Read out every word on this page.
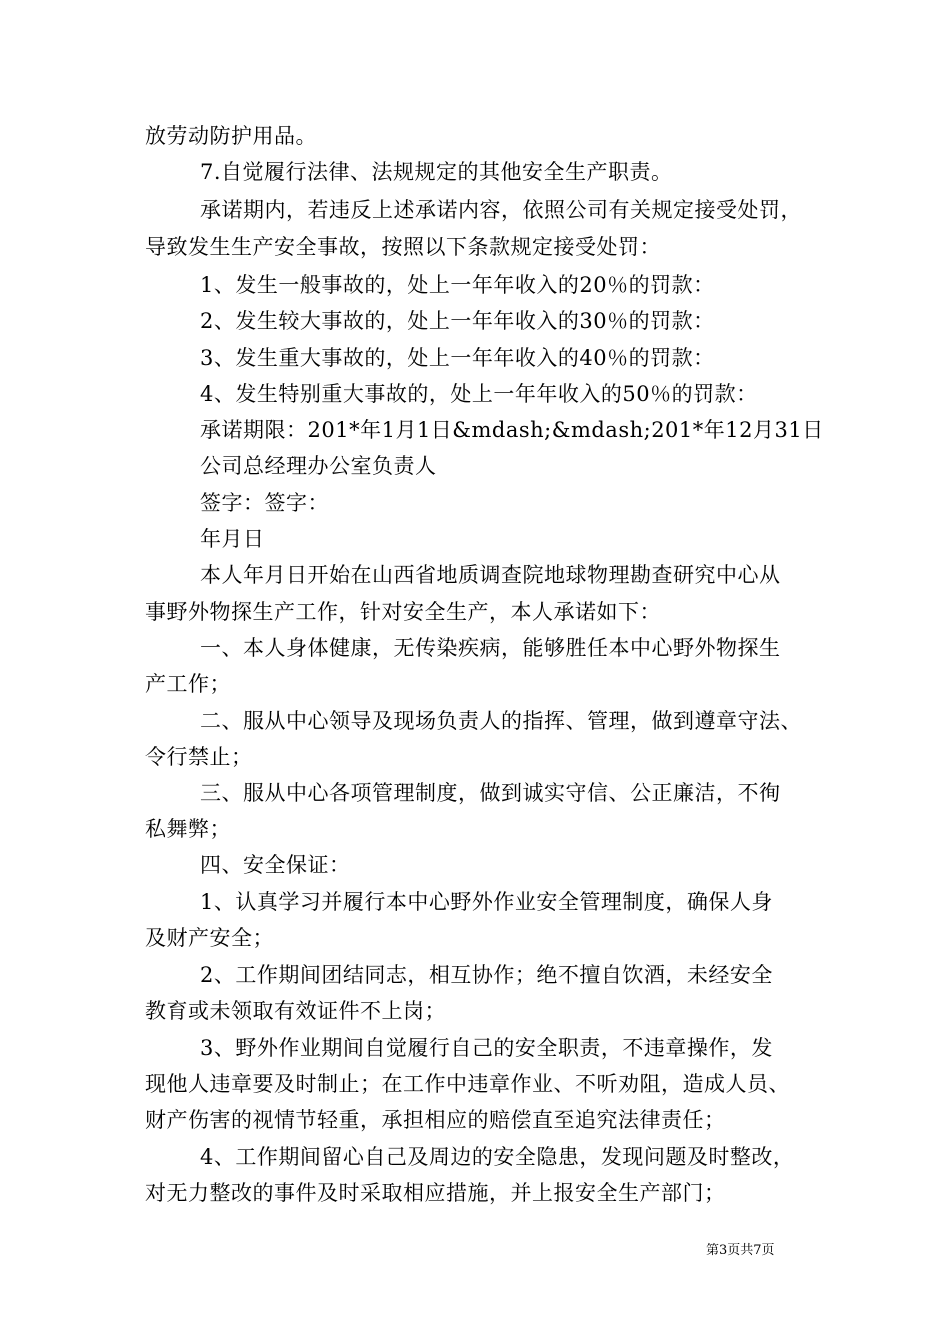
放劳动防护用品。
7.自觉履行法律、法规规定的其他安全生产职责。
承诺期内，若违反上述承诺内容，依照公司有关规定接受处罚，
导致发生生产安全事故，按照以下条款规定接受处罚：
1、发生一般事故的，处上一年年收入的20％的罚款：
2、发生较大事故的，处上一年年收入的30％的罚款：
3、发生重大事故的，处上一年年收入的40％的罚款：
4、发生特别重大事故的，处上一年年收入的50％的罚款：
承诺期限：201*年1月1日&mdash;&mdash;201*年12月31日
公司总经理办公室负责人
签字：签字：
年月日
本人年月日开始在山西省地质调查院地球物理勘查研究中心从
事野外物探生产工作，针对安全生产，本人承诺如下：
一、本人身体健康，无传染疾病，能够胜任本中心野外物探生
产工作；
二、服从中心领导及现场负责人的指挥、管理，做到遵章守法、
令行禁止；
三、服从中心各项管理制度，做到诚实守信、公正廉洁，不徇
私舞弊；
四、安全保证：
1、认真学习并履行本中心野外作业安全管理制度，确保人身
及财产安全；
2、工作期间团结同志，相互协作；绝不擅自饮酒，未经安全
教育或未领取有效证件不上岗；
3、野外作业期间自觉履行自己的安全职责，不违章操作，发
现他人违章要及时制止；在工作中违章作业、不听劝阻，造成人员、
财产伤害的视情节轻重，承担相应的赔偿直至追究法律责任；
4、工作期间留心自己及周边的安全隐患，发现问题及时整改，
对无力整改的事件及时采取相应措施，并上报安全生产部门；
第3页共7页
